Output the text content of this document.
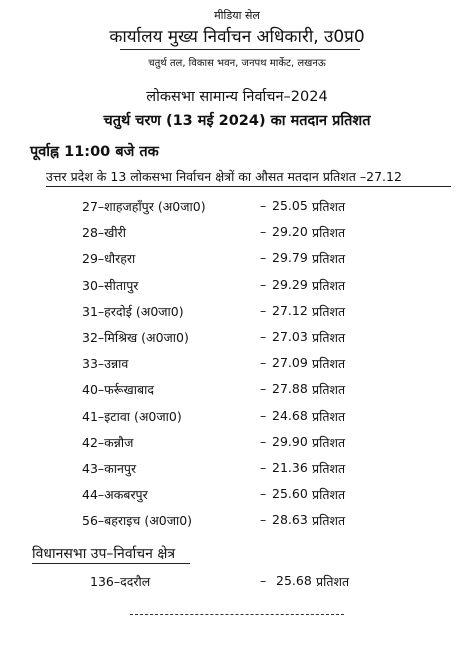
मीडिया सेल
कार्यालय मुख्य निर्वाचन अधिकारी, उ0प्र0
चतुर्थ तल, विकास भवन, जनपथ मार्केट, लखनऊ
लोकसभा सामान्य निर्वाचन–2024
चतुर्थ चरण (13 मई 2024) का मतदान प्रतिशत
पूर्वाह्न 11:00 बजे तक
उत्तर प्रदेश के 13 लोकसभा निर्वाचन क्षेत्रों का औसत मतदान प्रतिशत –27.12
27–शाहजहाँपुर (अ0जा0)	– 25.05 प्रतिशत
28–खीरी	– 29.20 प्रतिशत
29–धौरहरा	– 29.79 प्रतिशत
30–सीतापुर	– 29.29 प्रतिशत
31–हरदोई (अ0जा0)	– 27.12 प्रतिशत
32–मिश्रिख (अ0जा0)	– 27.03 प्रतिशत
33–उन्नाव	– 27.09 प्रतिशत
40–फर्रूखाबाद	– 27.88 प्रतिशत
41–इटावा (अ0जा0)	– 24.68 प्रतिशत
42–कन्नौज	– 29.90 प्रतिशत
43–कानपुर	– 21.36 प्रतिशत
44–अकबरपुर	– 25.60 प्रतिशत
56–बहराइच (अ0जा0)	– 28.63 प्रतिशत
विधानसभा उप–निर्वाचन क्षेत्र
136–ददरौल	– 25.68 प्रतिशत
